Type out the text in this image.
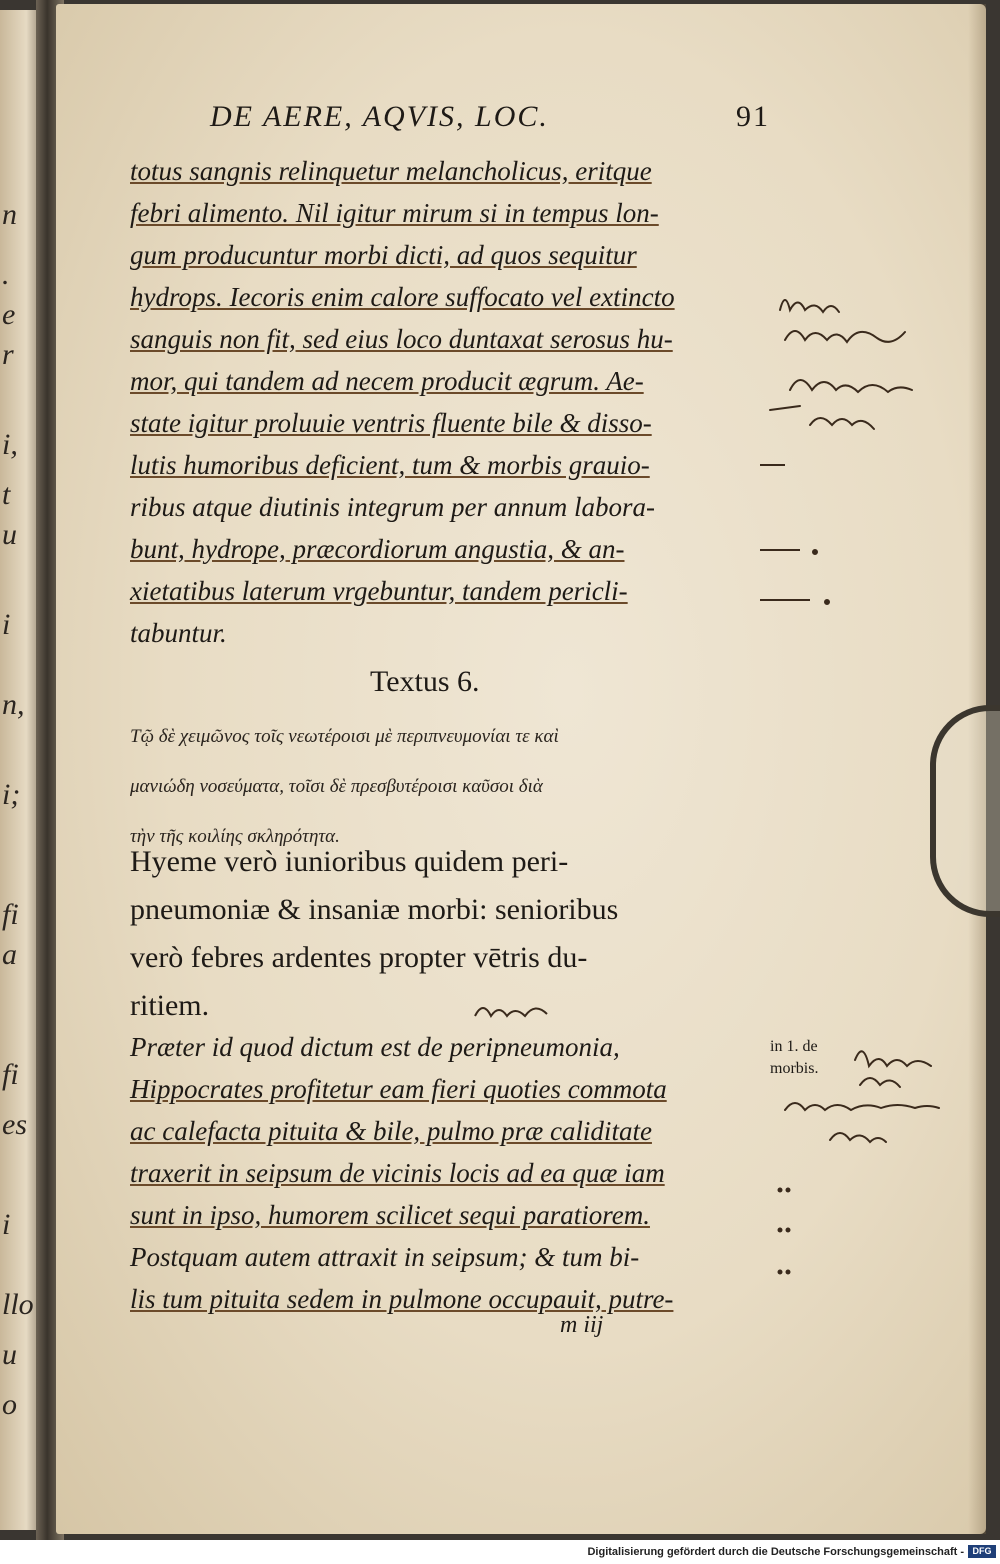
n
.
e
r
i,
t
u
i
n,
i;
fi
a
fi
es
i
llo
u
o
DE AERE, AQVIS, LOC.	91
totus sangnis relinquetur melancholicus, eritque
febri alimento. Nil igitur mirum si in tempus lon-
gum producuntur morbi dicti, ad quos sequitur
hydrops. Iecoris enim calore suffocato vel extincto
sanguis non fit, sed eius loco duntaxat serosus hu-
mor, qui tandem ad necem producit ægrum. Ae-
state igitur proluuie ventris fluente bile & disso-
lutis humoribus deficient, tum & morbis grauio-
ribus atque diutinis integrum per annum labora-
bunt, hydrope, præcordiorum angustia, & an-
xietatibus laterum vrgebuntur, tandem pericli-
tabuntur.
Textus 6.
Τῷ δὲ χειμῶνος τοῖς νεωτέροισι μὲ περιπνευμονίαι τε καὶ
μανιώδη νοσεύματα, τοῖσι δὲ πρεσβυτέροισι καῦσοι διὰ
τὴν τῆς κοιλίης σκληρότητα.
Hyeme verò iunioribus quidem peri-
pneumoniæ & insaniæ morbi: senioribus
verò febres ardentes propter vētris du-
ritiem.
Præter id quod dictum est de peripneumonia,
Hippocrates profitetur eam fieri quoties commota
ac calefacta pituita & bile, pulmo præ caliditate
traxerit in seipsum de vicinis locis ad ea quæ iam
sunt in ipso, humorem scilicet sequi paratiorem.
Postquam autem attraxit in seipsum; & tum bi-
lis tum pituita sedem in pulmone occupauit, putre-
in 1. de
morbis.
m iij
Digitalisierung gefördert durch die Deutsche Forschungsgemeinschaft - DFG
